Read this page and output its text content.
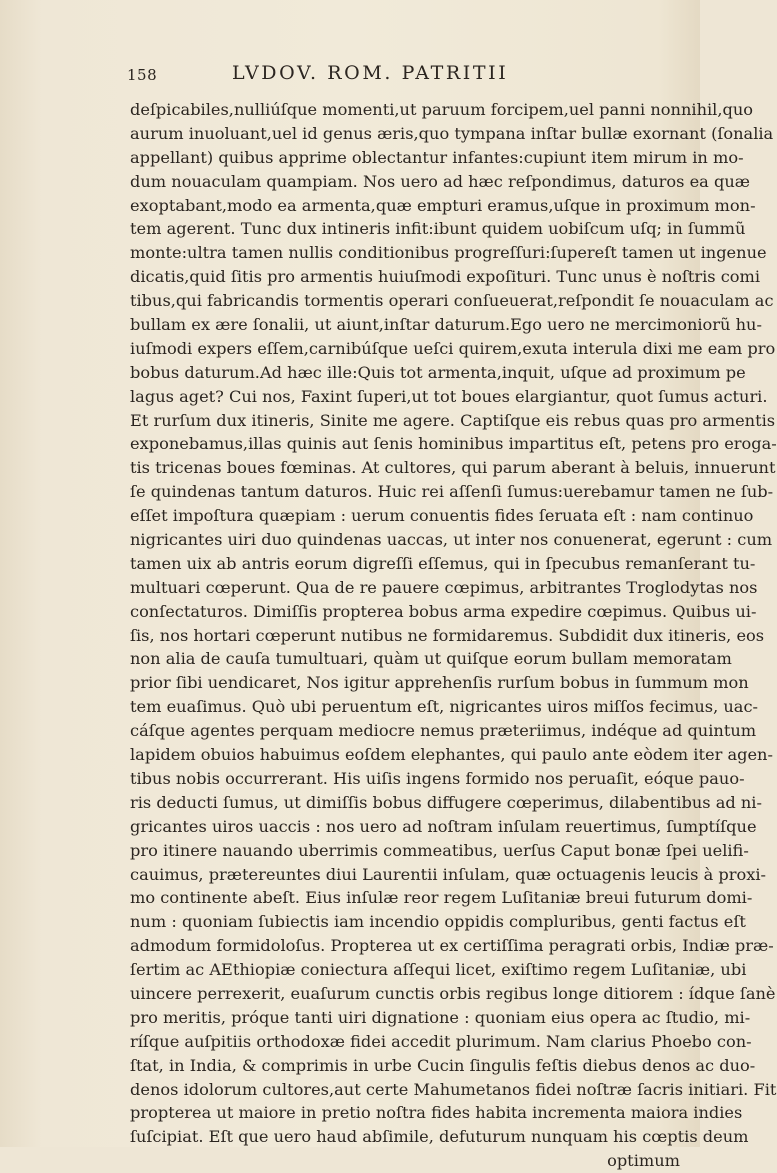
158	LVDOV. ROM. PATRITII
deſpicabiles,nulliúſque momenti,ut paruum forcipem,uel panni nonnihil,quo
aurum inuoluant,uel id genus æris,quo tympana inſtar bullæ exornant (ſonalia
appellant) quibus apprime oblectantur infantes:cupiunt item mirum in mo-
dum nouaculam quampiam. Nos uero ad hæc reſpondimus, daturos ea quæ
exoptabant,modo ea armenta,quæ empturi eramus,uſque in proximum mon-
tem agerent. Tunc dux intineris infit:ibunt quidem uobiſcum uſq; in ſummũ
monte:ultra tamen nullis conditionibus progreſſuri:ſupereſt tamen ut ingenue
dicatis,quid ſitis pro armentis huiuſmodi expoſituri. Tunc unus è noſtris comi
tibus,qui fabricandis tormentis operari conſueuerat,reſpondit ſe nouaculam ac
bullam ex ære ſonalii, ut aiunt,inſtar daturum.Ego uero ne mercimoniorũ hu-
iuſmodi expers eſſem,carnibúſque ueſci quirem,exuta interula dixi me eam pro
bobus daturum.Ad hæc ille:Quis tot armenta,inquit, uſque ad proximum pe
lagus aget? Cui nos, Faxint ſuperi,ut tot boues elargiantur, quot ſumus acturi.
Et rurſum dux itineris, Sinite me agere. Captiſque eis rebus quas pro armentis
exponebamus,illas quinis aut ſenis hominibus impartitus eſt, petens pro eroga-
tis tricenas boues fœminas. At cultores, qui parum aberant à beluis, innuerunt
ſe quindenas tantum daturos. Huic rei aſſenſi ſumus:uerebamur tamen ne ſub-
eſſet impoſtura quæpiam : uerum conuentis fides ſeruata eſt : nam continuo
nigricantes uiri duo quindenas uaccas, ut inter nos conuenerat, egerunt : cum
tamen uix ab antris eorum digreſſi eſſemus, qui in ſpecubus remanſerant tu-
multuari cœperunt. Qua de re pauere cœpimus, arbitrantes Troglodytas nos
conſectaturos. Dimiſſis propterea bobus arma expedire cœpimus. Quibus ui-
ſis, nos hortari cœperunt nutibus ne formidaremus. Subdidit dux itineris, eos
non alia de cauſa tumultuari, quàm ut quiſque eorum bullam memoratam
prior ſibi uendicaret, Nos igitur apprehenſis rurſum bobus in ſummum mon
tem euaſimus. Quò ubi peruentum eſt, nigricantes uiros miſſos fecimus, uac-
cáſque agentes perquam mediocre nemus prætеriimus, indéque ad quintum
lapidem obuios habuimus eoſdem elephantes, qui paulo ante eòdem iter agen-
tibus nobis occurrerant. His uiſis ingens formido nos peruaſit, eóque pauo-
ris deducti ſumus, ut dimiſſis bobus diffugere cœperimus, dilabentibus ad ni-
gricantes uiros uaccis : nos uero ad noſtram inſulam reuertimus, ſumptíſque
pro itinere nauando uberrimis commeatibus, uerſus Caput bonæ ſpei uelifi-
cauimus, prætereuntes diui Laurentii inſulam, quæ octuagenis leucis à proxi-
mo continente abeſt. Eius inſulæ reor regem Luſitaniæ breui futurum domi-
num : quoniam ſubiectis iam incendio oppidis compluribus, genti factus eſt
admodum formidoloſus. Propterea ut ex certiſſima peragrati orbis, Indiæ præ-
ſertim ac AEthiopiæ coniectura aſſequi licet, exiſtimo regem Luſitaniæ, ubi
uincere perrexerit, euaſurum cunctis orbis regibus longe ditiorem : ídque ſanè
pro meritis, próque tanti uiri dignatione : quoniam eius opera ac ſtudio, mi-
ríſque auſpitiis orthodoxæ fidei accedit plurimum. Nam clarius Phoebo con-
ſtat, in India, & comprimis in urbe Cucin ſingulis feſtis diebus denos ac duo-
denos idolorum cultores,aut certe Mahumetanos fidei noſtræ ſacris initiari. Fit
propterea ut maiore in pretio noſtra fides habita incrementa maiora indies
ſuſcipiat. Eſt que uero haud abſimile, defuturum nunquam his cœptis deum
optimum
